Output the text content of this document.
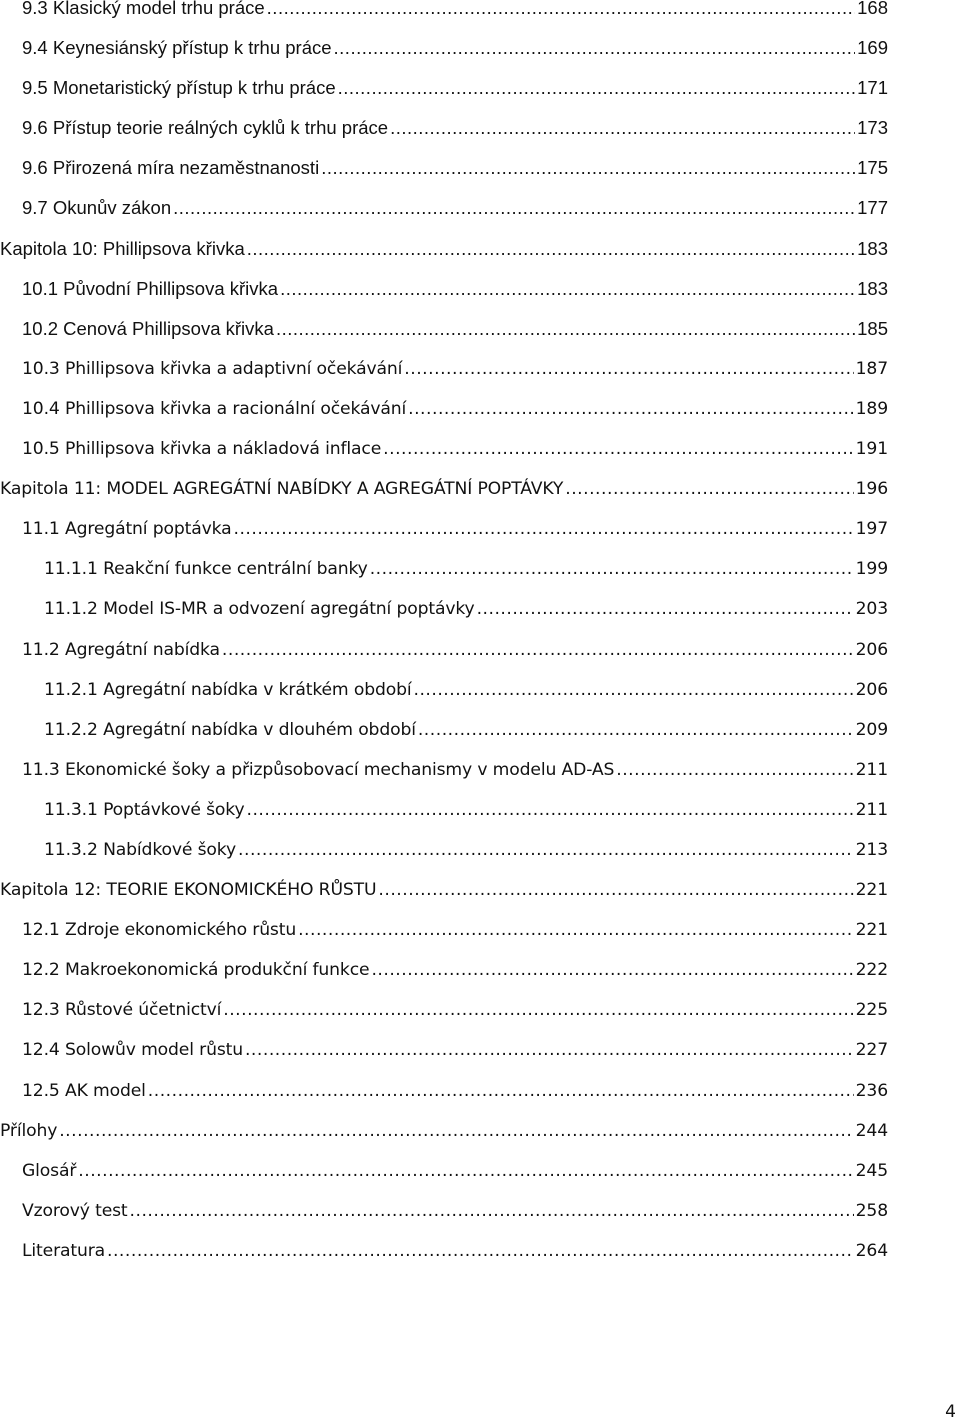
9.3 Klasický model trhu práce .....	168
9.4 Keynesiánský přístup k trhu práce .....	169
9.5 Monetaristický přístup k trhu práce .....	171
9.6 Přístup teorie reálných cyklů k trhu práce .....	173
9.6 Přirozená míra nezaměstnanosti .....	175
9.7 Okunův zákon .....	177
Kapitola 10: Phillipsova křivka .....	183
10.1 Původní Phillipsova křivka .....	183
10.2 Cenová Phillipsova křivka .....	185
10.3 Phillipsova křivka a adaptivní očekávání .....	187
10.4 Phillipsova křivka a racionální očekávání .....	189
10.5 Phillipsova křivka a nákladová inflace .....	191
Kapitola 11: MODEL AGREGÁTNÍ NABÍDKY A AGREGÁTNÍ POPTÁVKY .....	196
11.1 Agregátní poptávka .....	197
11.1.1 Reakční funkce centrální banky .....	199
11.1.2 Model IS-MR a odvození agregátní poptávky .....	203
11.2 Agregátní nabídka .....	206
11.2.1 Agregátní nabídka v krátkém období .....	206
11.2.2 Agregátní nabídka v dlouhém období .....	209
11.3 Ekonomické šoky a přizpůsobovací mechanismy v modelu AD-AS .....	211
11.3.1 Poptávkové šoky .....	211
11.3.2 Nabídkové šoky .....	213
Kapitola 12: TEORIE EKONOMICKÉHO RŮSTU .....	221
12.1 Zdroje ekonomického růstu .....	221
12.2 Makroekonomická produkční funkce .....	222
12.3 Růstové účetnictví .....	225
12.4 Solowův model růstu .....	227
12.5 AK model .....	236
Přílohy .....	244
Glosář .....	245
Vzorový test .....	258
Literatura .....	264
4
